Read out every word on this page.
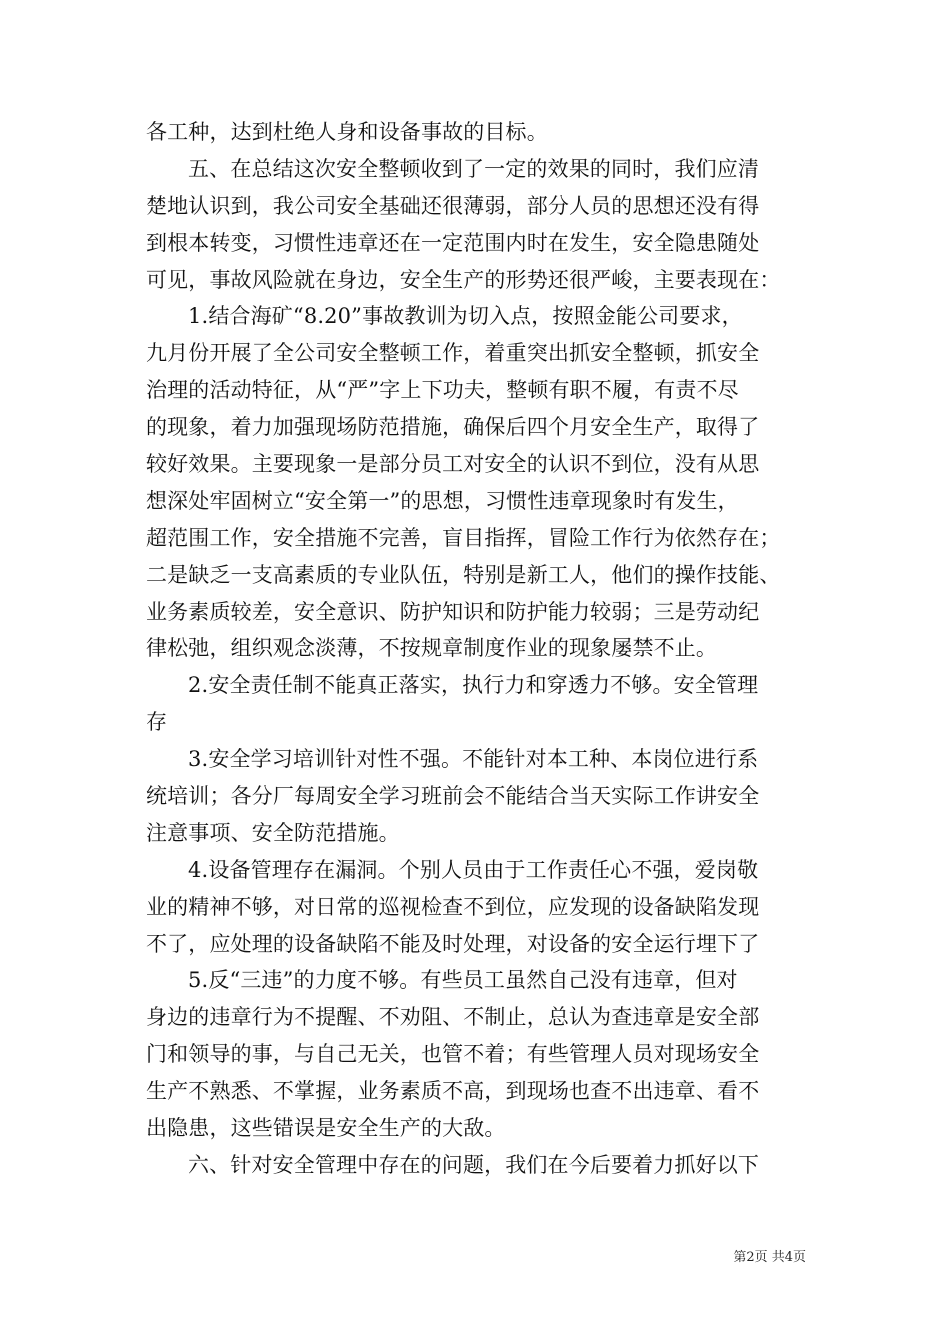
各工种，达到杜绝人身和设备事故的目标。
五、在总结这次安全整顿收到了一定的效果的同时，我们应清
楚地认识到，我公司安全基础还很薄弱，部分人员的思想还没有得
到根本转变，习惯性违章还在一定范围内时在发生，安全隐患随处
可见，事故风险就在身边，安全生产的形势还很严峻，主要表现在：
1.结合海矿“8.20”事故教训为切入点，按照金能公司要求，
九月份开展了全公司安全整顿工作，着重突出抓安全整顿，抓安全
治理的活动特征，从“严”字上下功夫，整顿有职不履，有责不尽
的现象，着力加强现场防范措施，确保后四个月安全生产，取得了
较好效果。主要现象一是部分员工对安全的认识不到位，没有从思
想深处牢固树立“安全第一”的思想，习惯性违章现象时有发生，
超范围工作，安全措施不完善，盲目指挥，冒险工作行为依然存在；
二是缺乏一支高素质的专业队伍，特别是新工人，他们的操作技能、
业务素质较差，安全意识、防护知识和防护能力较弱；三是劳动纪
律松弛，组织观念淡薄，不按规章制度作业的现象屡禁不止。
2.安全责任制不能真正落实，执行力和穿透力不够。安全管理
存
3.安全学习培训针对性不强。不能针对本工种、本岗位进行系
统培训；各分厂每周安全学习班前会不能结合当天实际工作讲安全
注意事项、安全防范措施。
4.设备管理存在漏洞。个别人员由于工作责任心不强，爱岗敬
业的精神不够，对日常的巡视检查不到位，应发现的设备缺陷发现
不了，应处理的设备缺陷不能及时处理，对设备的安全运行埋下了
5.反“三违”的力度不够。有些员工虽然自己没有违章，但对
身边的违章行为不提醒、不劝阻、不制止，总认为查违章是安全部
门和领导的事，与自己无关，也管不着；有些管理人员对现场安全
生产不熟悉、不掌握，业务素质不高，到现场也查不出违章、看不
出隐患，这些错误是安全生产的大敌。
六、针对安全管理中存在的问题，我们在今后要着力抓好以下
第2页 共4页
